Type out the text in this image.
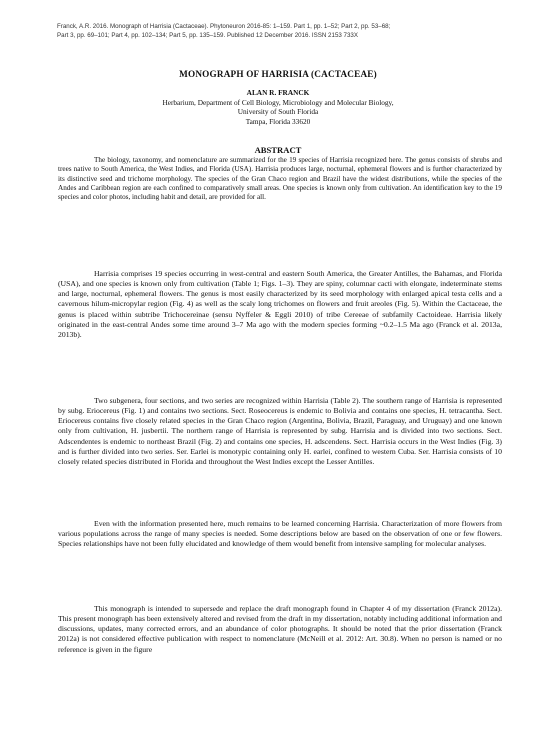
Franck, A.R. 2016. Monograph of Harrisia (Cactaceae). Phytoneuron 2016-85: 1–159. Part 1, pp. 1–52; Part 2, pp. 53–68;
Part 3, pp. 69–101; Part 4, pp. 102–134; Part 5, pp. 135–159. Published 12 December 2016. ISSN 2153 733X
MONOGRAPH OF HARRISIA (CACTACEAE)
ALAN R. FRANCK
Herbarium, Department of Cell Biology, Microbiology and Molecular Biology,
University of South Florida
Tampa, Florida 33620
ABSTRACT
The biology, taxonomy, and nomenclature are summarized for the 19 species of Harrisia recognized here. The genus consists of shrubs and trees native to South America, the West Indies, and Florida (USA). Harrisia produces large, nocturnal, ephemeral flowers and is further characterized by its distinctive seed and trichome morphology. The species of the Gran Chaco region and Brazil have the widest distributions, while the species of the Andes and Caribbean region are each confined to comparatively small areas. One species is known only from cultivation. An identification key to the 19 species and color photos, including habit and detail, are provided for all.

Harrisia comprises 19 species occurring in west-central and eastern South America, the Greater Antilles, the Bahamas, and Florida (USA), and one species is known only from cultivation (Table 1; Figs. 1–3). They are spiny, columnar cacti with elongate, indeterminate stems and large, nocturnal, ephemeral flowers. The genus is most easily characterized by its seed morphology with enlarged apical testa cells and a cavernous hilum-micropylar region (Fig. 4) as well as the scaly long trichomes on flowers and fruit areoles (Fig. 5). Within the Cactaceae, the genus is placed within subtribe Trichocereinae (sensu Nyffeler & Eggli 2010) of tribe Cereeae of subfamily Cactoideae. Harrisia likely originated in the east-central Andes some time around 3–7 Ma ago with the modern species forming ~0.2–1.5 Ma ago (Franck et al. 2013a, 2013b).

Two subgenera, four sections, and two series are recognized within Harrisia (Table 2). The southern range of Harrisia is represented by subg. Eriocereus (Fig. 1) and contains two sections. Sect. Roseocereus is endemic to Bolivia and contains one species, H. tetracantha. Sect. Eriocereus contains five closely related species in the Gran Chaco region (Argentina, Bolivia, Brazil, Paraguay, and Uruguay) and one known only from cultivation, H. jusbertii. The northern range of Harrisia is represented by subg. Harrisia and is divided into two sections. Sect. Adscendentes is endemic to northeast Brazil (Fig. 2) and contains one species, H. adscendens. Sect. Harrisia occurs in the West Indies (Fig. 3) and is further divided into two series. Ser. Earlei is monotypic containing only H. earlei, confined to western Cuba. Ser. Harrisia consists of 10 closely related species distributed in Florida and throughout the West Indies except the Lesser Antilles.

Even with the information presented here, much remains to be learned concerning Harrisia. Characterization of more flowers from various populations across the range of many species is needed. Some descriptions below are based on the observation of one or few flowers. Species relationships have not been fully elucidated and knowledge of them would benefit from intensive sampling for molecular analyses.

This monograph is intended to supersede and replace the draft monograph found in Chapter 4 of my dissertation (Franck 2012a). This present monograph has been extensively altered and revised from the draft in my dissertation, notably including additional information and discussions, updates, many corrected errors, and an abundance of color photographs. It should be noted that the prior dissertation (Franck 2012a) is not considered effective publication with respect to nomenclature (McNeill et al. 2012: Art. 30.8). When no person is named or no reference is given in the figure
